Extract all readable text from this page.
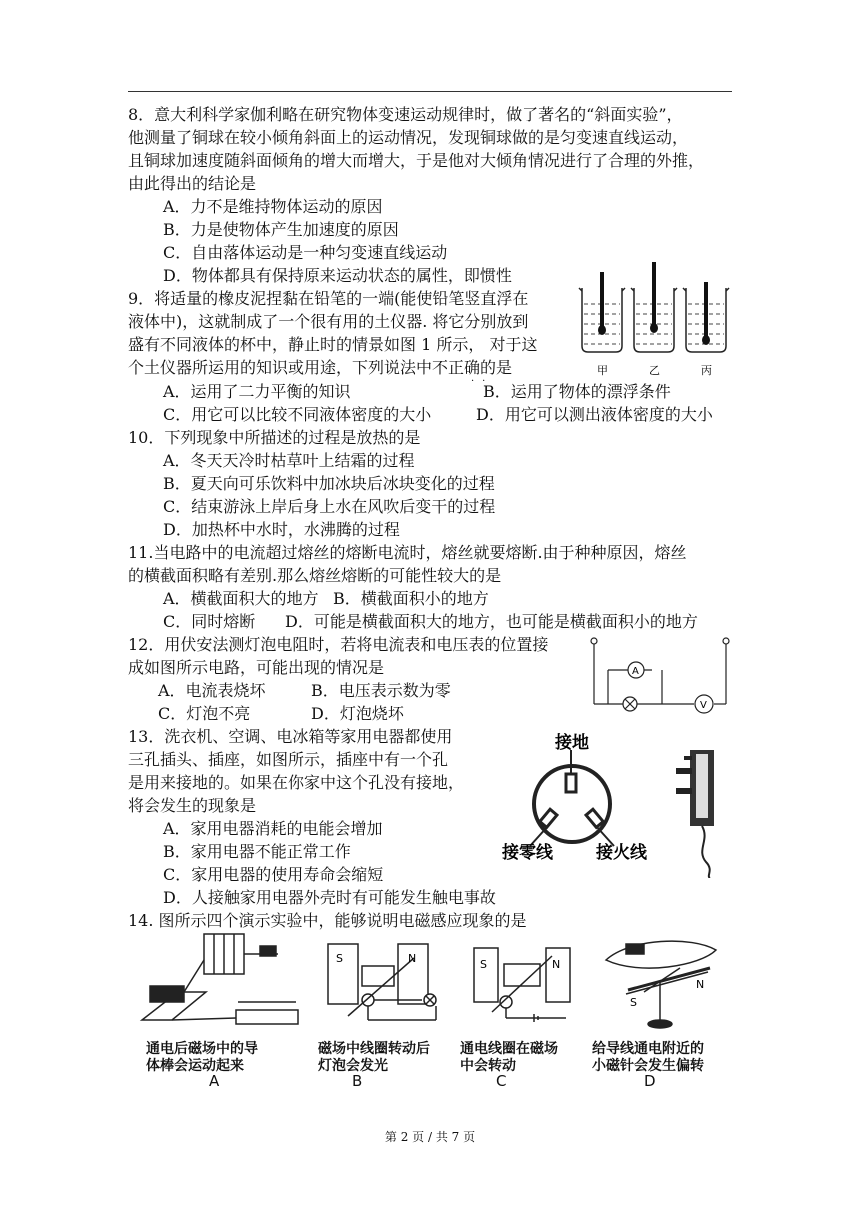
8．意大利科学家伽利略在研究物体变速运动规律时，做了著名的“斜面实验”，
他测量了铜球在较小倾角斜面上的运动情况，发现铜球做的是匀变速直线运动，
且铜球加速度随斜面倾角的增大而增大，于是他对大倾角情况进行了合理的外推，
由此得出的结论是
A．力不是维持物体运动的原因
B．力是使物体产生加速度的原因
C．自由落体运动是一种匀变速直线运动
D．物体都具有保持原来运动状态的属性，即惯性
9．将适量的橡皮泥捏黏在铅笔的一端(能使铅笔竖直浮在
液体中)，这就制成了一个很有用的土仪器. 将它分别放到
盛有不同液体的杯中，静止时的情景如图 1 所示， 对于这
个土仪器所运用的知识或用途，下列说法中不正确的是
··
A．运用了二力平衡的知识	B．运用了物体的漂浮条件
C．用它可以比较不同液体密度的大小	D．用它可以测出液体密度的大小
甲	乙	丙
10．下列现象中所描述的过程是放热的是
A．冬天天冷时枯草叶上结霜的过程
B．夏天向可乐饮料中加冰块后冰块变化的过程
C．结束游泳上岸后身上水在风吹后变干的过程
D．加热杯中水时，水沸腾的过程
11.当电路中的电流超过熔丝的熔断电流时，熔丝就要熔断.由于种种原因，熔丝
的横截面积略有差别.那么熔丝熔断的可能性较大的是
A．横截面积大的地方 B．横截面积小的地方
C．同时熔断 D．可能是横截面积大的地方，也可能是横截面积小的地方
12．用伏安法测灯泡电阻时，若将电流表和电压表的位置接
成如图所示电路，可能出现的情况是
A．电流表烧坏	B．电压表示数为零
C．灯泡不亮	D．灯泡烧坏
A
V
13．洗衣机、空调、电冰箱等家用电器都使用
三孔插头、插座，如图所示，插座中有一个孔
是用来接地的。如果在你家中这个孔没有接地，
将会发生的现象是
A．家用电器消耗的电能会增加
B．家用电器不能正常工作
C．家用电器的使用寿命会缩短
D．人接触家用电器外壳时有可能发生触电事故
接地
接零线	接火线
14. 图所示四个演示实验中，能够说明电磁感应现象的是
通电后磁场中的导
体棒会运动起来
A
S	N
磁场中线圈转动后
灯泡会发光
B
S	N
通电线圈在磁场
中会转动
C
S
N
给导线通电附近的
小磁针会发生偏转
D
第 2 页 / 共 7 页
